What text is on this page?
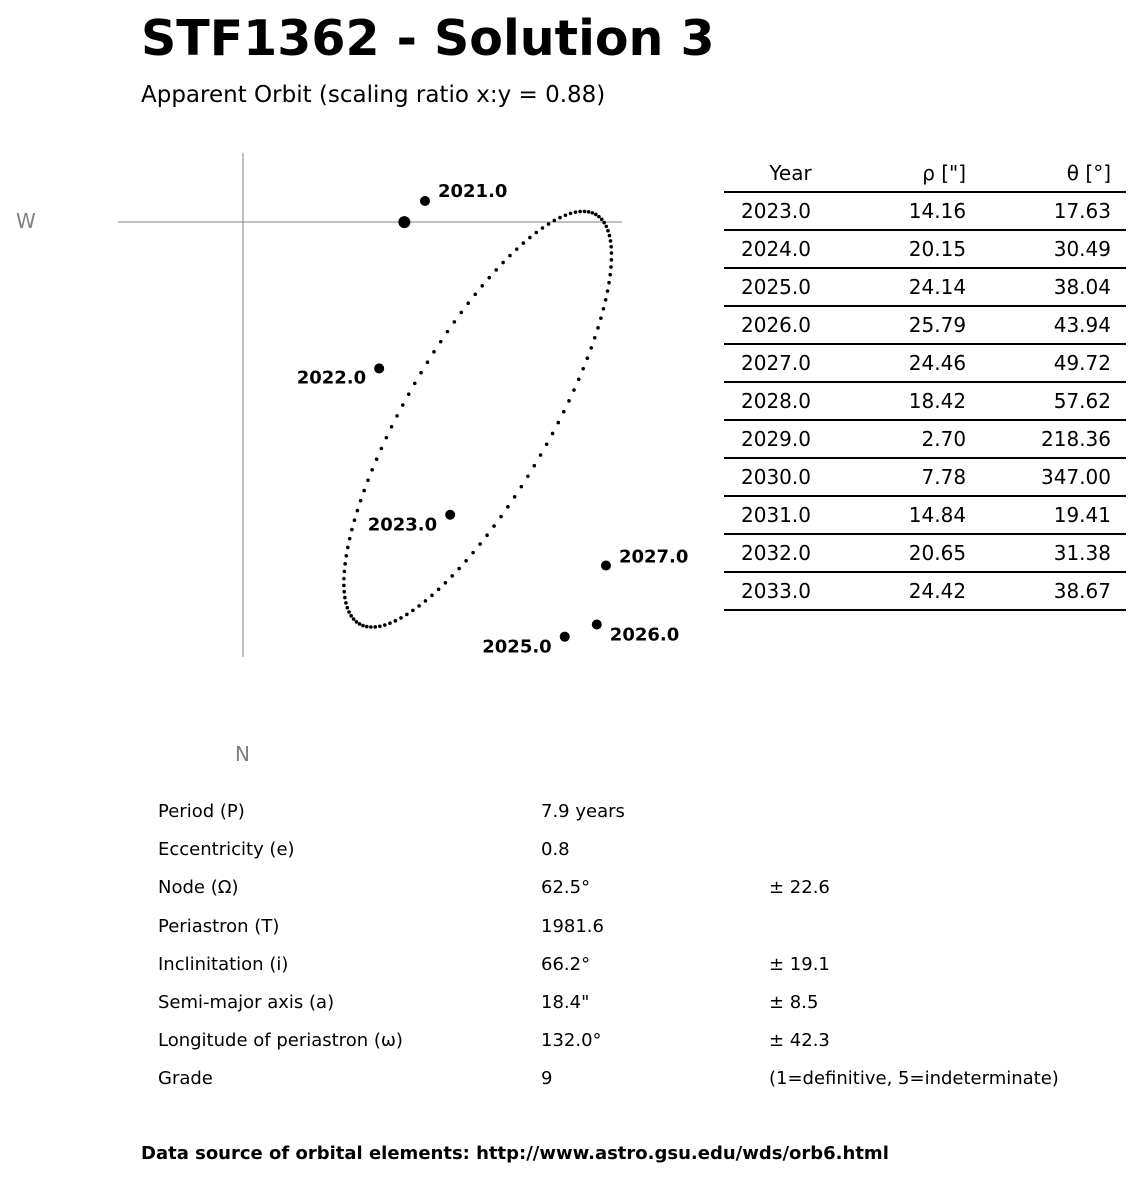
STF1362 - Solution 3
Apparent Orbit (scaling ratio x:y = 0.88)
W
N
2021.0
2022.0
2023.0
2025.0
2026.0
2027.0
Year	ρ ["]	θ [°]
2023.0	14.16	17.63
2024.0	20.15	30.49
2025.0	24.14	38.04
2026.0	25.79	43.94
2027.0	24.46	49.72
2028.0	18.42	57.62
2029.0	2.70	218.36
2030.0	7.78	347.00
2031.0	14.84	19.41
2032.0	20.65	31.38
2033.0	24.42	38.67
Period (P)	7.9 years
Eccentricity (e)	0.8
Node (Ω)	62.5°	± 22.6
Periastron (T)	1981.6
Inclinitation (i)	66.2°	± 19.1
Semi-major axis (a)	18.4"	± 8.5
Longitude of periastron (ω)	132.0°	± 42.3
Grade	9	(1=definitive, 5=indeterminate)
Data source of orbital elements: http://www.astro.gsu.edu/wds/orb6.html
